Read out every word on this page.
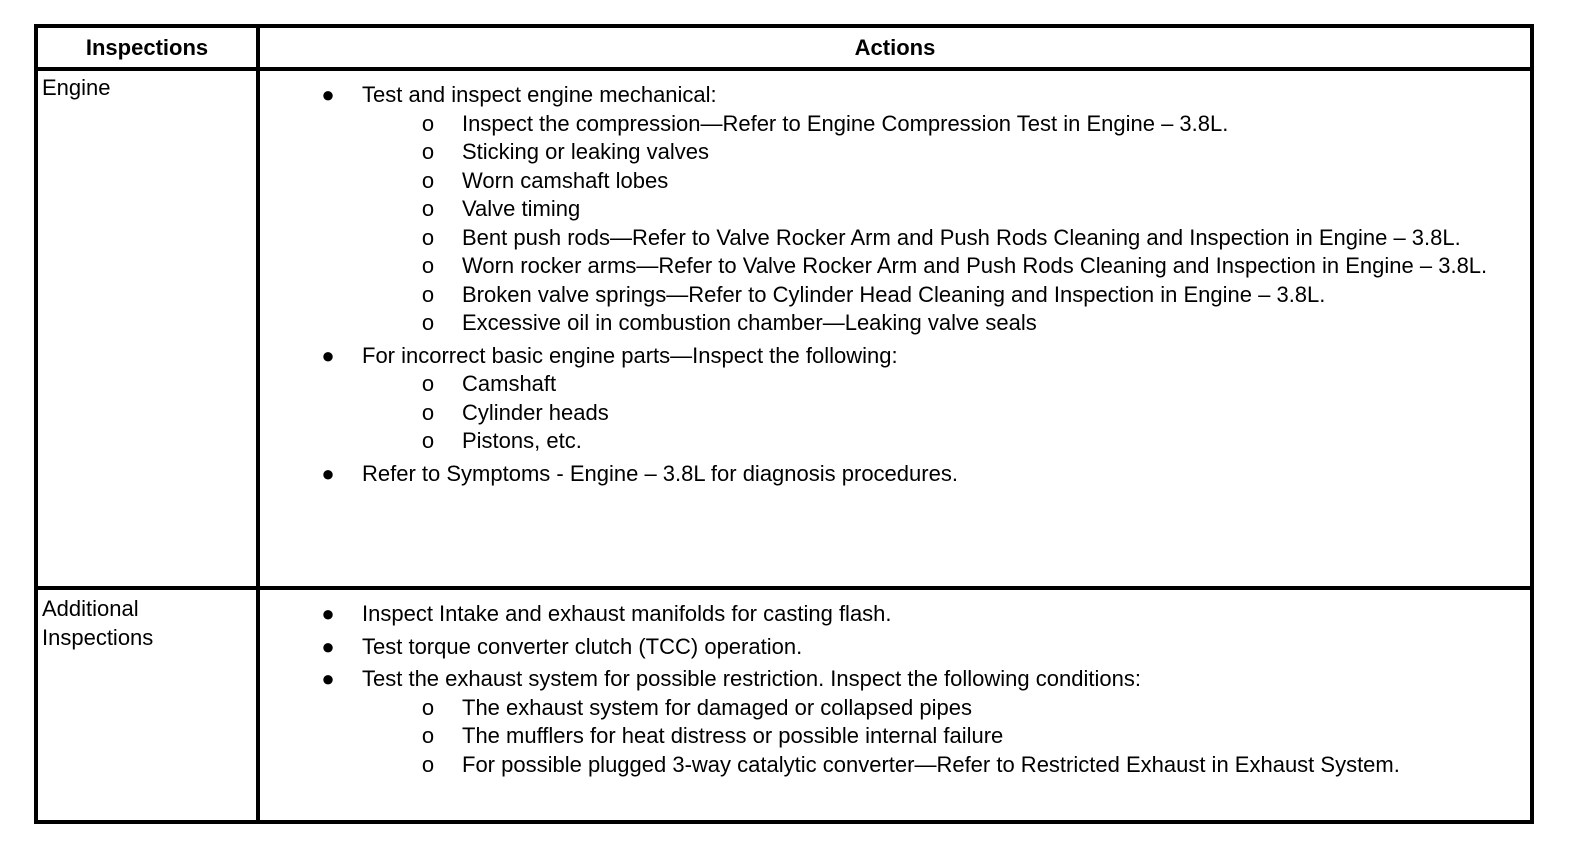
Inspections	Actions
Engine	● Test and inspect engine mechanical:
o Inspect the compression—Refer to Engine Compression Test in Engine – 3.8L.
o Sticking or leaking valves
o Worn camshaft lobes
o Valve timing
o Bent push rods—Refer to Valve Rocker Arm and Push Rods Cleaning and Inspection in Engine – 3.8L.
o Worn rocker arms—Refer to Valve Rocker Arm and Push Rods Cleaning and Inspection in Engine – 3.8L.
o Broken valve springs—Refer to Cylinder Head Cleaning and Inspection in Engine – 3.8L.
o Excessive oil in combustion chamber—Leaking valve seals
● For incorrect basic engine parts—Inspect the following:
o Camshaft
o Cylinder heads
o Pistons, etc.
● Refer to Symptoms - Engine – 3.8L for diagnosis procedures.
Additional Inspections
● Inspect Intake and exhaust manifolds for casting flash.
● Test torque converter clutch (TCC) operation.
● Test the exhaust system for possible restriction. Inspect the following conditions:
o The exhaust system for damaged or collapsed pipes
o The mufflers for heat distress or possible internal failure
o For possible plugged 3-way catalytic converter—Refer to Restricted Exhaust in Exhaust System.
